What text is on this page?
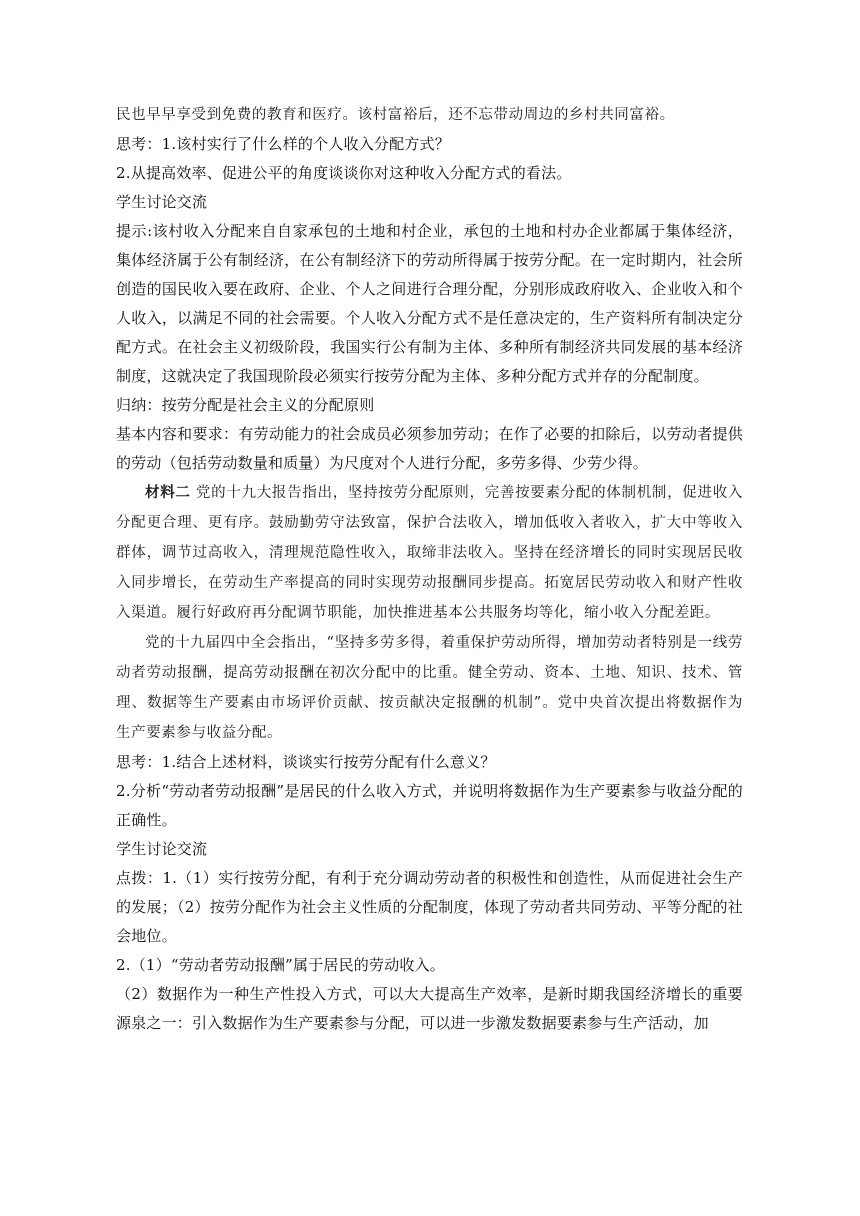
民也早早享受到免费的教育和医疗。该村富裕后，还不忘带动周边的乡村共同富裕。

思考：1.该村实行了什么样的个人收入分配方式？

2.从提高效率、促进公平的角度谈谈你对这种收入分配方式的看法。

学生讨论交流

提示:该村收入分配来自自家承包的土地和村企业，承包的土地和村办企业都属于集体经济，集体经济属于公有制经济，在公有制经济下的劳动所得属于按劳分配。在一定时期内，社会所创造的国民收入要在政府、企业、个人之间进行合理分配，分别形成政府收入、企业收入和个人收入，以满足不同的社会需要。个人收入分配方式不是任意决定的，生产资料所有制决定分配方式。在社会主义初级阶段，我国实行公有制为主体、多种所有制经济共同发展的基本经济制度，这就决定了我国现阶段必须实行按劳分配为主体、多种分配方式并存的分配制度。

归纳：按劳分配是社会主义的分配原则

基本内容和要求：有劳动能力的社会成员必须参加劳动；在作了必要的扣除后，以劳动者提供的劳动（包括劳动数量和质量）为尺度对个人进行分配，多劳多得、少劳少得。

材料二 党的十九大报告指出，坚持按劳分配原则，完善按要素分配的体制机制，促进收入分配更合理、更有序。鼓励勤劳守法致富，保护合法收入，增加低收入者收入，扩大中等收入群体，调节过高收入，清理规范隐性收入，取缔非法收入。坚持在经济增长的同时实现居民收入同步增长，在劳动生产率提高的同时实现劳动报酬同步提高。拓宽居民劳动收入和财产性收入渠道。履行好政府再分配调节职能，加快推进基本公共服务均等化，缩小收入分配差距。

党的十九届四中全会指出，“坚持多劳多得，着重保护劳动所得，增加劳动者特别是一线劳动者劳动报酬，提高劳动报酬在初次分配中的比重。健全劳动、资本、土地、知识、技术、管理、数据等生产要素由市场评价贡献、按贡献决定报酬的机制”。党中央首次提出将数据作为生产要素参与收益分配。

思考：1.结合上述材料，谈谈实行按劳分配有什么意义？

2.分析“劳动者劳动报酬”是居民的什么收入方式，并说明将数据作为生产要素参与收益分配的正确性。

学生讨论交流

点拨：1.（1）实行按劳分配，有利于充分调动劳动者的积极性和创造性，从而促进社会生产的发展；（2）按劳分配作为社会主义性质的分配制度，体现了劳动者共同劳动、平等分配的社会地位。

2.（1）“劳动者劳动报酬”属于居民的劳动收入。

（2）数据作为一种生产性投入方式，可以大大提高生产效率，是新时期我国经济增长的重要源泉之一：引入数据作为生产要素参与分配，可以进一步激发数据要素参与生产活动，加
